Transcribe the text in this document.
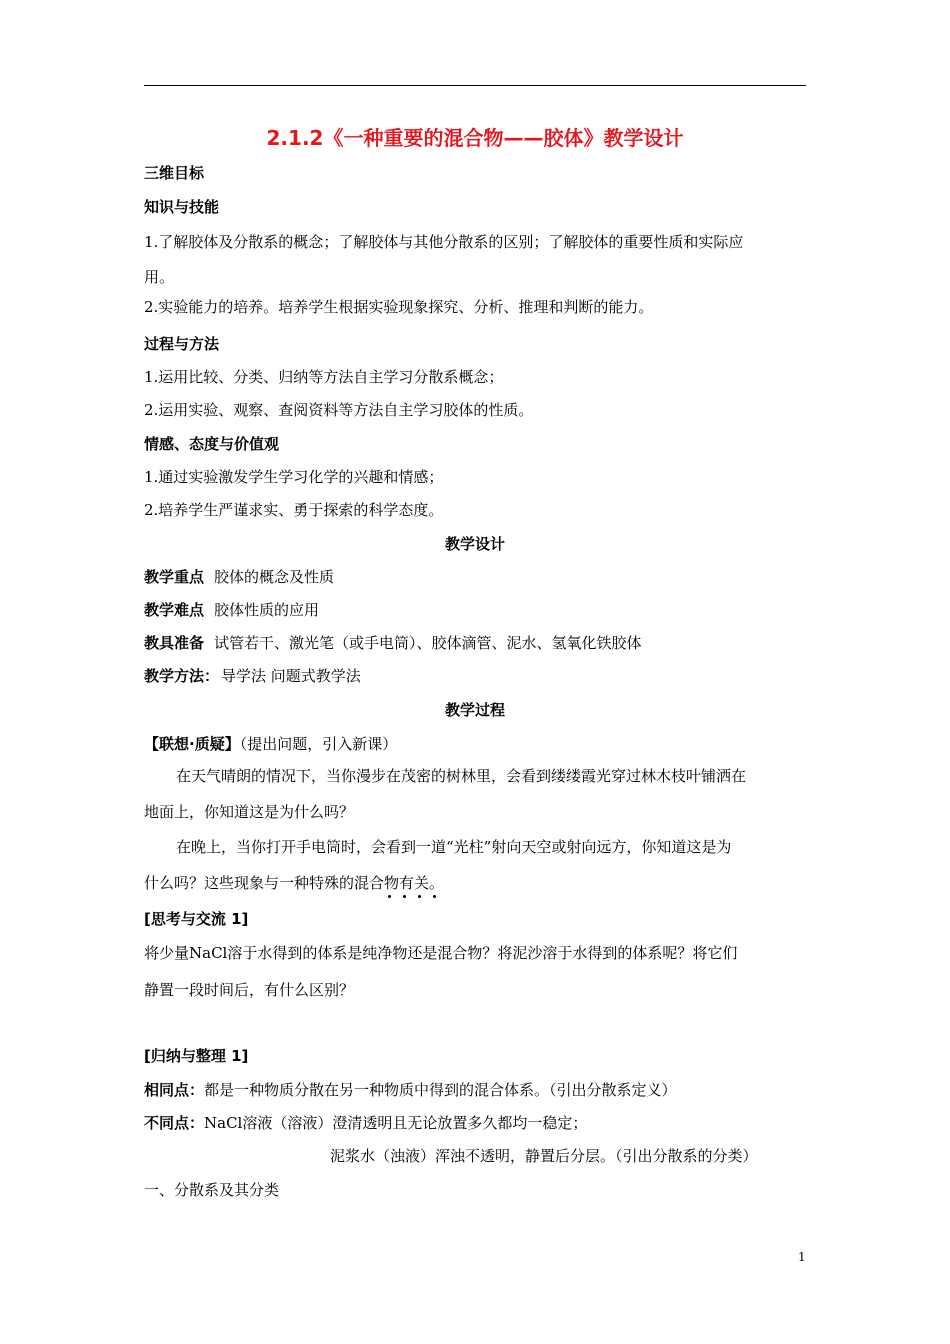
2.1.2《一种重要的混合物——胶体》教学设计
三维目标
知识与技能
1.了解胶体及分散系的概念；了解胶体与其他分散系的区别；了解胶体的重要性质和实际应
用。
2.实验能力的培养。培养学生根据实验现象探究、分析、推理和判断的能力。
过程与方法
1.运用比较、分类、归纳等方法自主学习分散系概念；
2.运用实验、观察、查阅资料等方法自主学习胶体的性质。
情感、态度与价值观
1.通过实验激发学生学习化学的兴趣和情感；
2.培养学生严谨求实、勇于探索的科学态度。
教学设计
教学重点 胶体的概念及性质
教学难点 胶体性质的应用
教具准备 试管若干、激光笔（或手电筒）、胶体滴管、泥水、氢氧化铁胶体
教学方法： 导学法 问题式教学法
教学过程
【联想·质疑】（提出问题，引入新课）
在天气晴朗的情况下，当你漫步在茂密的树林里，会看到缕缕霞光穿过林木枝叶铺洒在
地面上，你知道这是为什么吗？
在晚上，当你打开手电筒时，会看到一道“光柱”射向天空或射向远方，你知道这是为
什么吗？这些现象与一种特殊的混合物有关。
[思考与交流 1]
将少量NaCl溶于水得到的体系是纯净物还是混合物？将泥沙溶于水得到的体系呢？将它们
静置一段时间后，有什么区别？
[归纳与整理 1]
相同点：都是一种物质分散在另一种物质中得到的混合体系。（引出分散系定义）
不同点：NaCl溶液（溶液）澄清透明且无论放置多久都均一稳定；
泥浆水（浊液）浑浊不透明，静置后分层。（引出分散系的分类）
一、分散系及其分类
1
